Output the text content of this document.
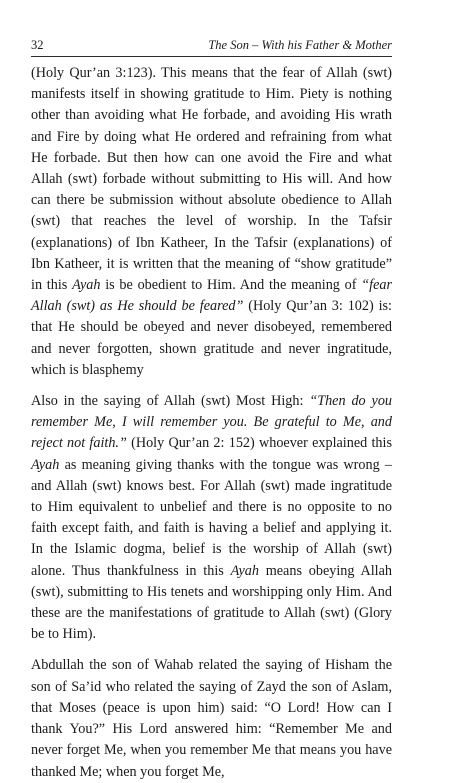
32	The Son – With his Father & Mother

(Holy Qur’an 3:123). This means that the fear of Allah (swt) manifests itself in showing gratitude to Him. Piety is nothing other than avoiding what He forbade, and avoiding His wrath and Fire by doing what He ordered and refraining from what He forbade. But then how can one avoid the Fire and what Allah (swt) forbade without submitting to His will. And how can there be submission without absolute obedience to Allah (swt) that reaches the level of worship. In the Tafsir (explanations) of Ibn Katheer, In the Tafsir (explanations) of Ibn Katheer, it is written that the meaning of “show gratitude” in this Ayah is be obedient to Him. And the meaning of “fear Allah (swt) as He should be feared” (Holy Qur’an 3: 102) is: that He should be obeyed and never disobeyed, remembered and never forgotten, shown gratitude and never ingratitude, which is blasphemy

Also in the saying of Allah (swt) Most High: “Then do you remember Me, I will remember you. Be grateful to Me, and reject not faith.” (Holy Qur’an 2: 152) whoever explained this Ayah as meaning giving thanks with the tongue was wrong – and Allah (swt) knows best. For Allah (swt) made ingratitude to Him equivalent to unbelief and there is no opposite to no faith except faith, and faith is having a belief and applying it. In the Islamic dogma, belief is the worship of Allah (swt) alone. Thus thankfulness in this Ayah means obeying Allah (swt), submitting to His tenets and worshipping only Him. And these are the manifestations of gratitude to Allah (swt) (Glory be to Him).

Abdullah the son of Wahab related the saying of Hisham the son of Sa’id who related the saying of Zayd the son of Aslam, that Moses (peace is upon him) said: “O Lord! How can I thank You?” His Lord answered him: “Remember Me and never forget Me, when you remember Me that means you have thanked Me; when you forget Me,
